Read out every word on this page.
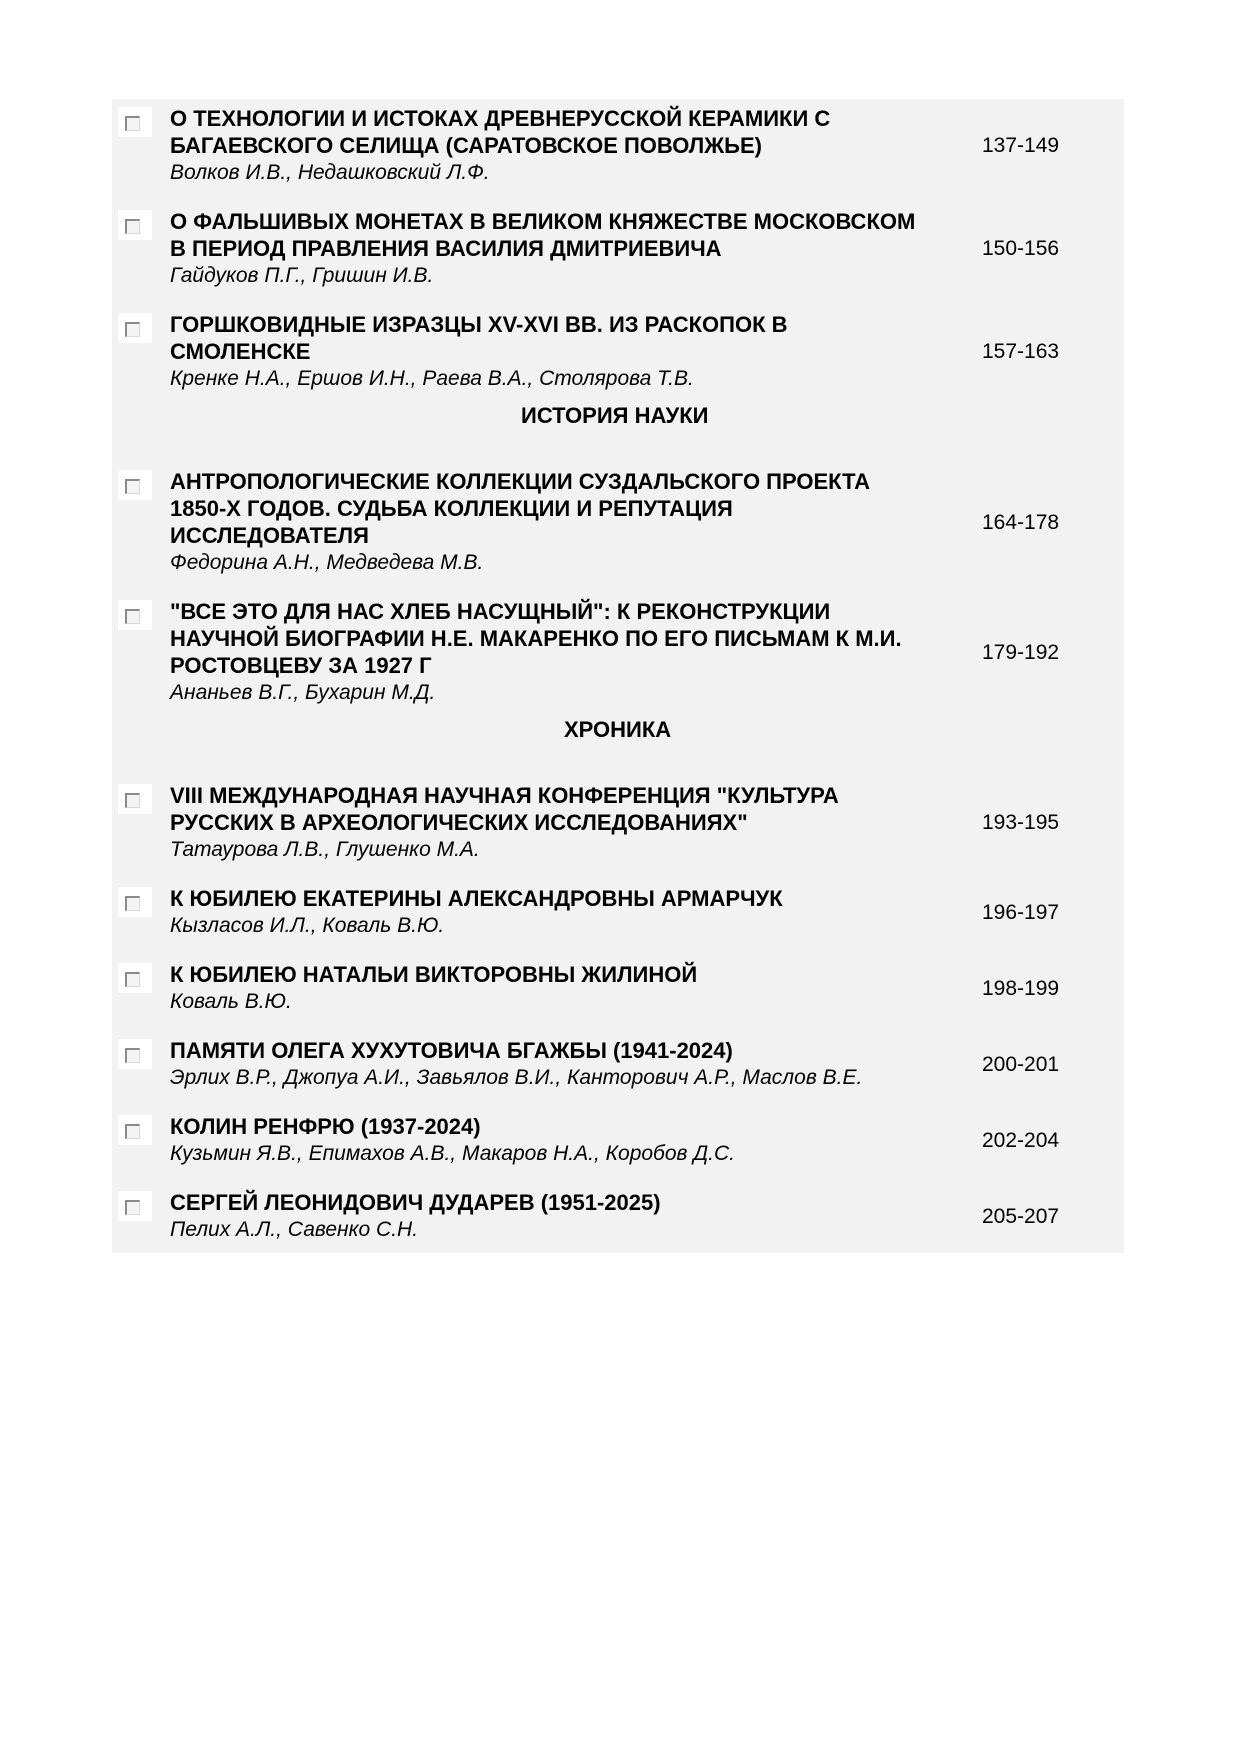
О ТЕХНОЛОГИИ И ИСТОКАХ ДРЕВНЕРУССКОЙ КЕРАМИКИ С БАГАЕВСКОГО СЕЛИЩА (САРАТОВСКОЕ ПОВОЛЖЬЕ)
Волков И.В., Недашковский Л.Ф.
137-149
О ФАЛЬШИВЫХ МОНЕТАХ В ВЕЛИКОМ КНЯЖЕСТВЕ МОСКОВСКОМ В ПЕРИОД ПРАВЛЕНИЯ ВАСИЛИЯ ДМИТРИЕВИЧА
Гайдуков П.Г., Гришин И.В.
150-156
ГОРШКОВИДНЫЕ ИЗРАЗЦЫ XV-XVI ВВ. ИЗ РАСКОПОК В СМОЛЕНСКЕ
Кренке Н.А., Ершов И.Н., Раева В.А., Столярова Т.В.
157-163
ИСТОРИЯ НАУКИ
АНТРОПОЛОГИЧЕСКИЕ КОЛЛЕКЦИИ СУЗДАЛЬСКОГО ПРОЕКТА 1850-Х ГОДОВ. СУДЬБА КОЛЛЕКЦИИ И РЕПУТАЦИЯ ИССЛЕДОВАТЕЛЯ
Федорина А.Н., Медведева М.В.
164-178
"ВСЕ ЭТО ДЛЯ НАС ХЛЕБ НАСУЩНЫЙ": К РЕКОНСТРУКЦИИ НАУЧНОЙ БИОГРАФИИ Н.Е. МАКАРЕНКО ПО ЕГО ПИСЬМАМ К М.И. РОСТОВЦЕВУ ЗА 1927 Г
Ананьев В.Г., Бухарин М.Д.
179-192
ХРОНИКА
VIII МЕЖДУНАРОДНАЯ НАУЧНАЯ КОНФЕРЕНЦИЯ "КУЛЬТУРА РУССКИХ В АРХЕОЛОГИЧЕСКИХ ИССЛЕДОВАНИЯХ"
Татаурова Л.В., Глушенко М.А.
193-195
К ЮБИЛЕЮ ЕКАТЕРИНЫ АЛЕКСАНДРОВНЫ АРМАРЧУК
Кызласов И.Л., Коваль В.Ю.
196-197
К ЮБИЛЕЮ НАТАЛЬИ ВИКТОРОВНЫ ЖИЛИНОЙ
Коваль В.Ю.
198-199
ПАМЯТИ ОЛЕГА ХУХУТОВИЧА БГАЖБЫ (1941-2024)
Эрлих В.Р., Джопуа А.И., Завьялов В.И., Канторович А.Р., Маслов В.Е.
200-201
КОЛИН РЕНФРЮ (1937-2024)
Кузьмин Я.В., Епимахов А.В., Макаров Н.А., Коробов Д.С.
202-204
СЕРГЕЙ ЛЕОНИДОВИЧ ДУДАРЕВ (1951-2025)
Пелих А.Л., Савенко С.Н.
205-207
